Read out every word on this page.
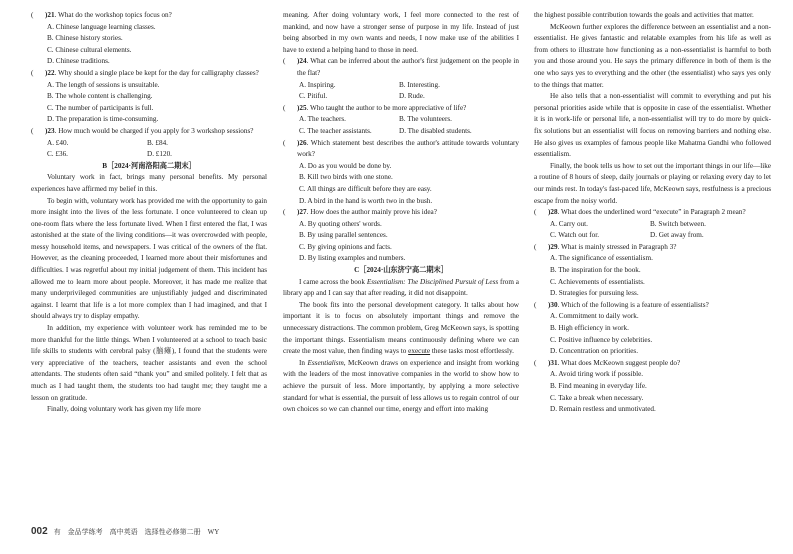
( )21. What do the workshop topics focus on?
A. Chinese language learning classes.
B. Chinese history stories.
C. Chinese cultural elements.
D. Chinese traditions.
( )22. Why should a single place be kept for the day for calligraphy classes?
A. The length of sessions is unsuitable.
B. The whole content is challenging.
C. The number of participants is full.
D. The preparation is time-consuming.
( )23. How much would be charged if you apply for 3 workshop sessions?
A. £40.	B. £84.
C. £36.	D. £120.
B［2024·河南洛阳高二期末］
Voluntary work in fact, brings many personal benefits. My personal experiences have affirmed my belief in this.
To begin with, voluntary work has provided me with the opportunity to gain more insight into the lives of the less fortunate. I once volunteered to clean up one-room flats where the less fortunate lived. When I first entered the flat, I was astonished at the state of the living conditions—it was overcrowded with people, messy household items, and newspapers. I was critical of the owners of the flat. However, as the cleaning proceeded, I learned more about their misfortunes and difficulties. I was regretful about my initial judgement of them. This incident has allowed me to learn more about people. Moreover, it has made me realize that many underprivileged communities are unjustifiably judged and discriminated against. I learnt that life is a lot more complex than I had imagined, and that I should always try to display empathy.
In addition, my experience with volunteer work has reminded me to be more thankful for the little things. When I volunteered at a school to teach basic life skills to students with cerebral palsy (脑瘫), I found that the students were very appreciative of the teachers, teacher assistants and even the school attendants. The students often said “thank you” and smiled politely. I felt that as much as I had taught them, the students too had taught me; they taught me a lesson on gratitude.
Finally, doing voluntary work has given my life more
meaning. After doing voluntary work, I feel more connected to the rest of mankind, and now have a stronger sense of purpose in my life. Instead of just being absorbed in my own wants and needs, I now make use of the abilities I have to extend a helping hand to those in need.
( )24. What can be inferred about the author's first judgement on the people in the flat?
A. Inspiring.	B. Interesting.
C. Pitiful.	D. Rude.
( )25. Who taught the author to be more appreciative of life?
A. The teachers.	B. The volunteers.
C. The teacher assistants.	D. The disabled students.
( )26. Which statement best describes the author's attitude towards voluntary work?
A. Do as you would be done by.
B. Kill two birds with one stone.
C. All things are difficult before they are easy.
D. A bird in the hand is worth two in the bush.
( )27. How does the author mainly prove his idea?
A. By quoting others' words.
B. By using parallel sentences.
C. By giving opinions and facts.
D. By listing examples and numbers.
C［2024·山东济宁高二期末］
I came across the book Essentialism: The Disciplined Pursuit of Less from a library app and I can say that after reading, it did not disappoint.
The book fits into the personal development category. It talks about how important it is to focus on absolutely important things and remove the unnecessary distractions. The common problem, Greg McKeown says, is spotting the important things. Essentialism means continuously defining where we can create the most value, then finding ways to execute these tasks most effortlessly.
In Essentialism, McKeown draws on experience and insight from working with the leaders of the most innovative companies in the world to show how to achieve the pursuit of less. More importantly, by applying a more selective standard for what is essential, the pursuit of less allows us to regain control of our own choices so we can channel our time, energy and effort into making
the highest possible contribution towards the goals and activities that matter.
McKeown further explores the difference between an essentialist and a non-essentialist. He gives fantastic and relatable examples from his life as well as from others to illustrate how functioning as a non-essentialist is harmful to both you and those around you. He says the primary difference in both of them is the one who says yes to everything and the other (the essentialist) who says yes only to the things that matter.
He also tells that a non-essentialist will commit to everything and put his personal priorities aside while that is opposite in case of the essentialist. Whether it is in work-life or personal life, a non-essentialist will try to do more by quick-fix solutions but an essentialist will focus on removing barriers and nothing else. He also gives us examples of famous people like Mahatma Gandhi who followed essentialism.
Finally, the book tells us how to set out the important things in our life—like a routine of 8 hours of sleep, daily journals or playing or relaxing every day to let our minds rest. In today's fast-paced life, McKeown says, restfulness is a precious escape from the noisy world.
( )28. What does the underlined word “execute” in Paragraph 2 mean?
A. Carry out.	B. Switch between.
C. Watch out for.	D. Get away from.
( )29. What is mainly stressed in Paragraph 3?
A. The significance of essentialism.
B. The inspiration for the book.
C. Achievements of essentialists.
D. Strategies for pursuing less.
( )30. Which of the following is a feature of essentialists?
A. Commitment to daily work.
B. High efficiency in work.
C. Positive influence by celebrities.
D. Concentration on priorities.
( )31. What does McKeown suggest people do?
A. Avoid tiring work if possible.
B. Find meaning in everyday life.
C. Take a break when necessary.
D. Remain restless and unmotivated.
002 有　金品学练考　高中英语　选择性必修第二册　WY
